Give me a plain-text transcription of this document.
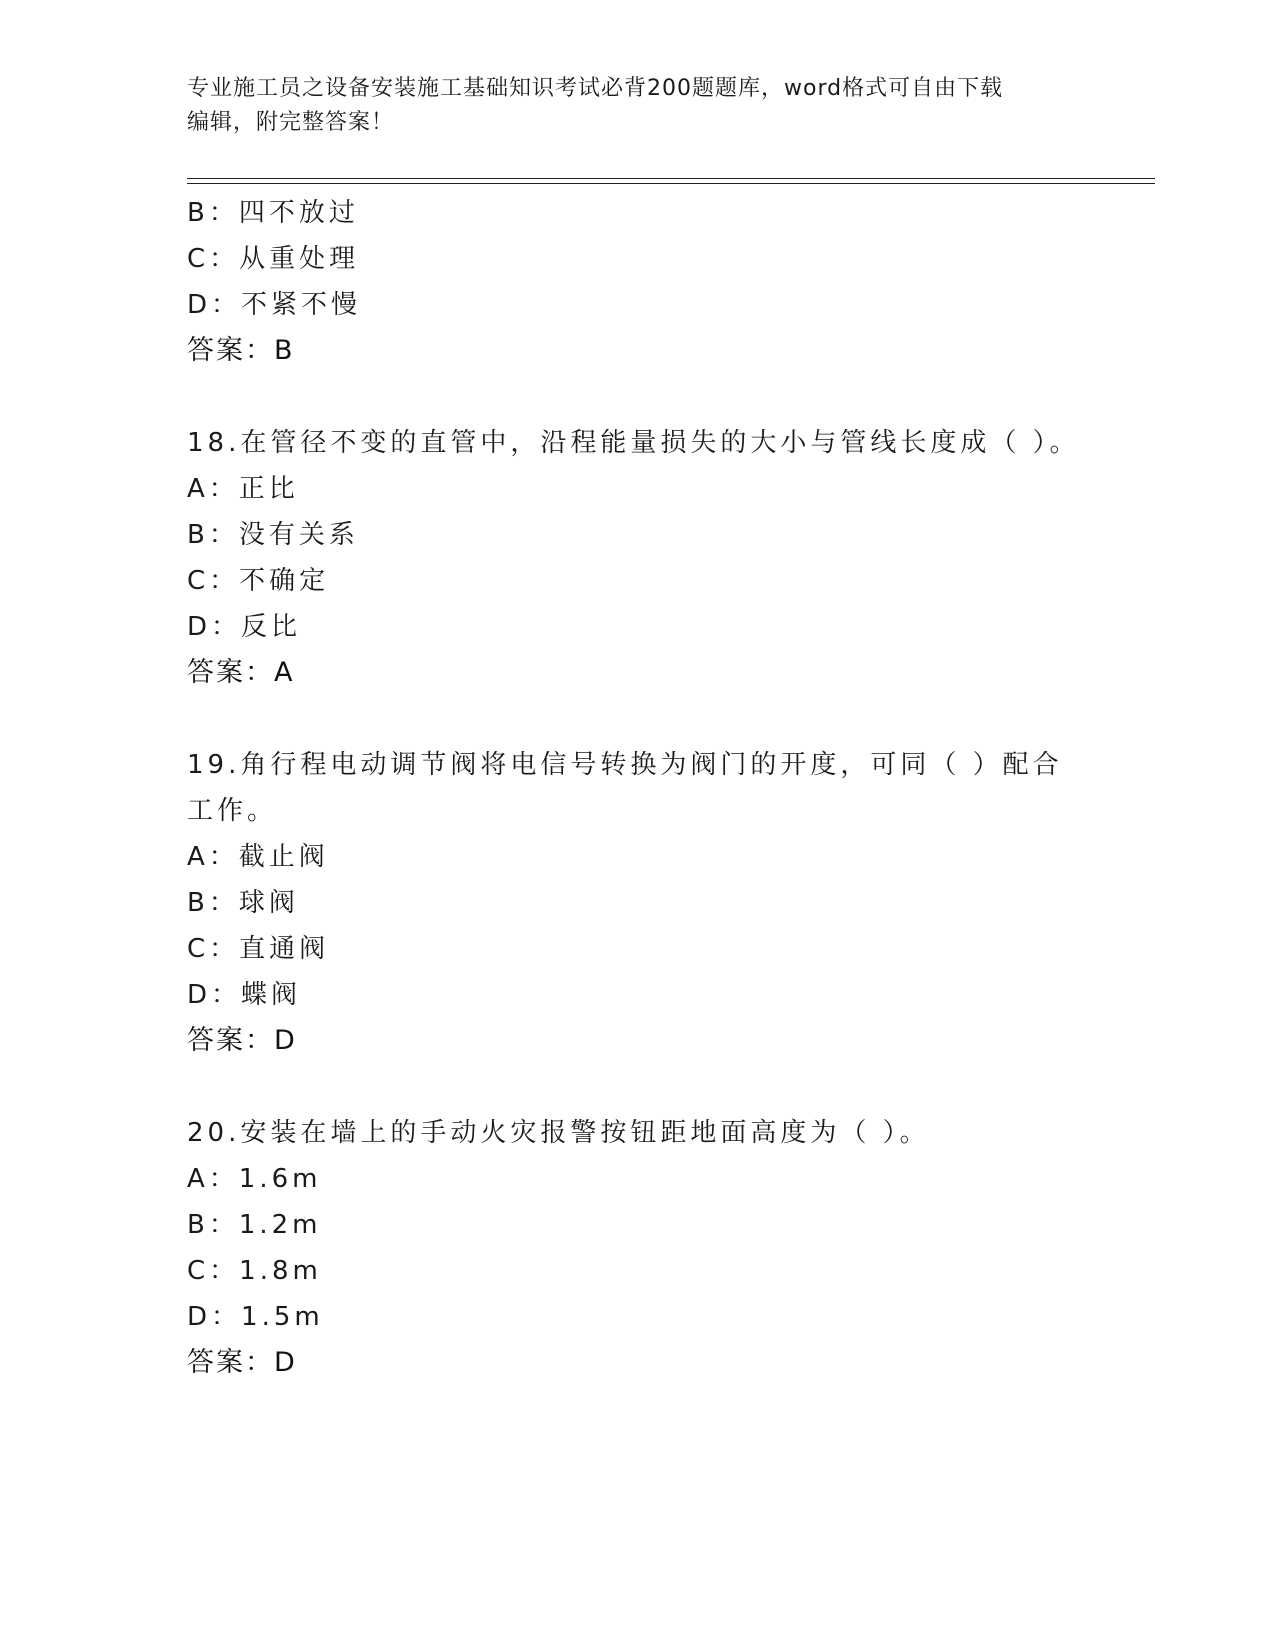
专业施工员之设备安装施工基础知识考试必背200题题库，word格式可自由下载
编辑，附完整答案！
B：四不放过
C：从重处理
D：不紧不慢
答案：B
18.在管径不变的直管中，沿程能量损失的大小与管线长度成（ ）。
A：正比
B：没有关系
C：不确定
D：反比
答案：A
19.角行程电动调节阀将电信号转换为阀门的开度，可同（ ）配合工作。
A：截止阀
B：球阀
C：直通阀
D：蝶阀
答案：D
20.安装在墙上的手动火灾报警按钮距地面高度为（ ）。
A：1.6m
B：1.2m
C：1.8m
D：1.5m
答案：D
